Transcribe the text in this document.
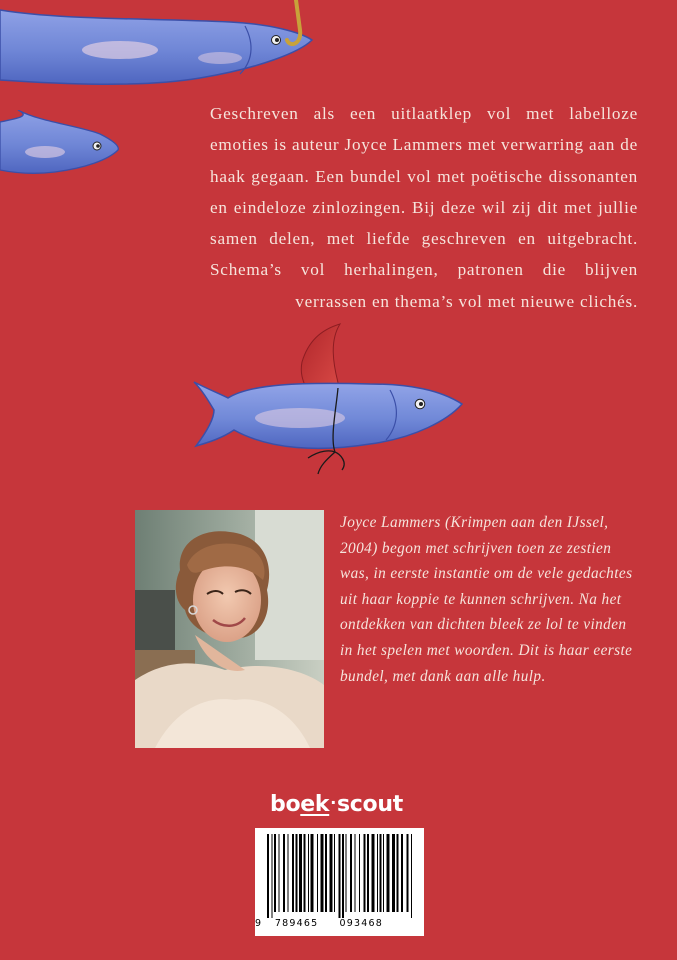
Geschreven als een uitlaatklep vol met labelloze emoties is auteur Joyce Lammers met verwarring aan de haak gegaan. Een bundel vol met poëtische dissonanten en eindeloze zinlozingen. Bij deze wil zij dit met jullie samen delen, met liefde geschreven en uitgebracht. Schema’s vol herhalingen, patronen die blijven verrassen en thema’s vol met nieuwe clichés.

Joyce Lammers (Krimpen aan den IJssel, 2004) begon met schrijven toen ze zestien was, in eerste instantie om de vele gedachtes uit haar koppie te kunnen schrijven. Na het ontdekken van dichten bleek ze lol te vinden in het spelen met woorden. Dit is haar eerste bundel, met dank aan alle hulp.

boek·scout
9 789465 093468
